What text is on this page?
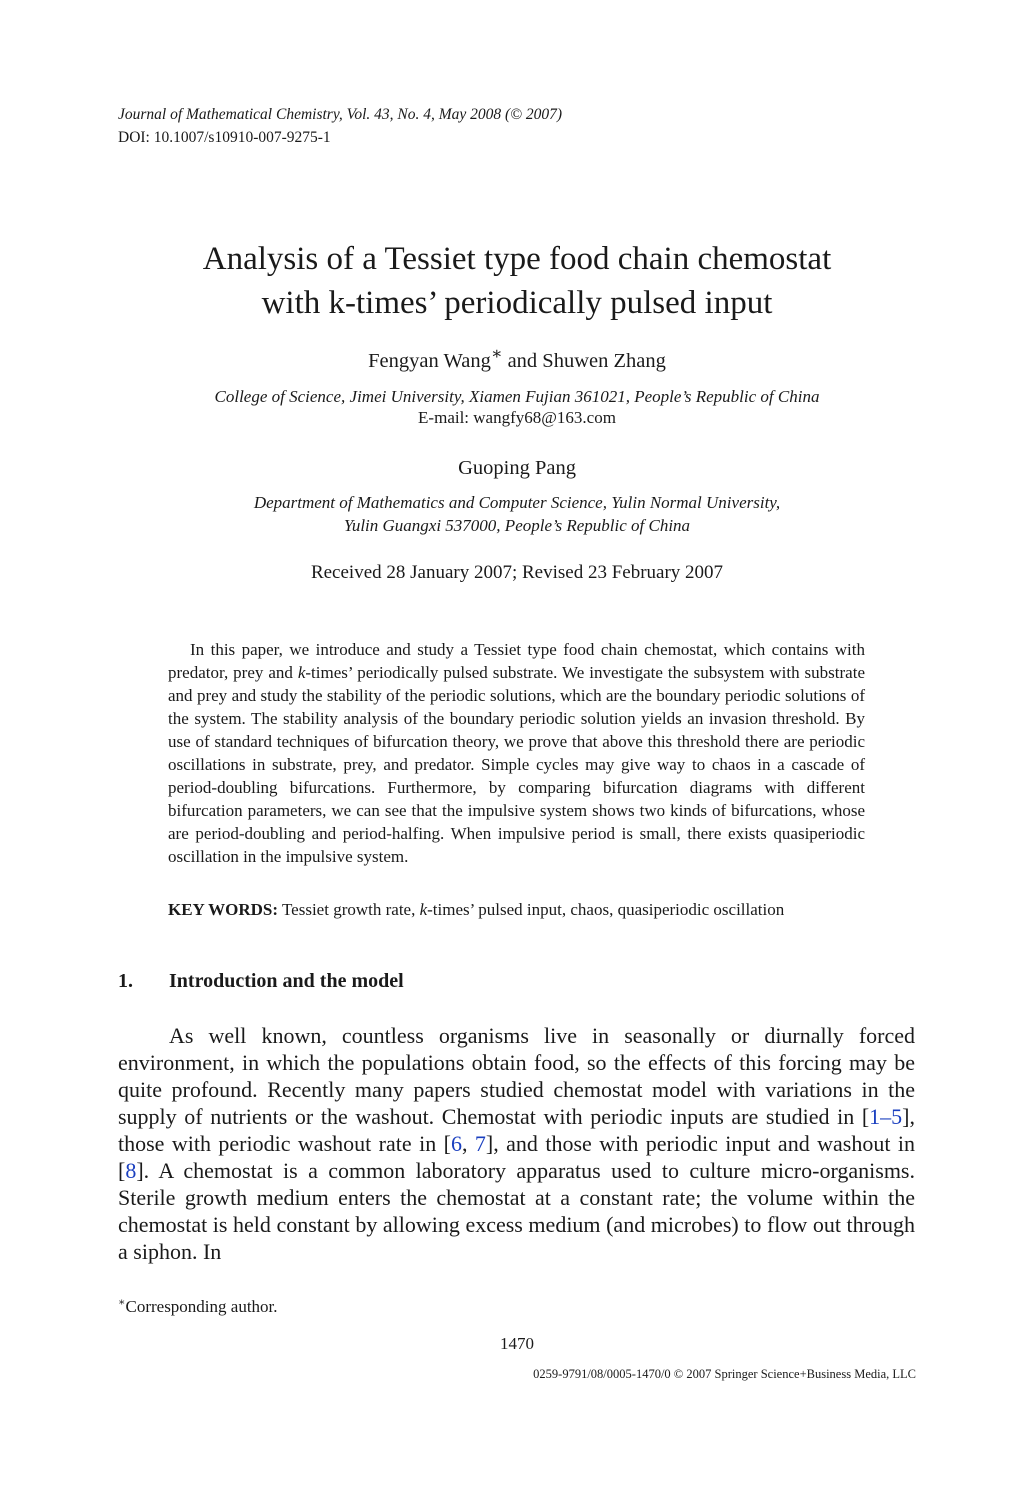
Journal of Mathematical Chemistry, Vol. 43, No. 4, May 2008 (© 2007)
DOI: 10.1007/s10910-007-9275-1
Analysis of a Tessiet type food chain chemostat
with k-times’ periodically pulsed input
Fengyan Wang∗ and Shuwen Zhang
College of Science, Jimei University, Xiamen Fujian 361021, People’s Republic of China
E-mail: wangfy68@163.com
Guoping Pang
Department of Mathematics and Computer Science, Yulin Normal University,
Yulin Guangxi 537000, People’s Republic of China
Received 28 January 2007; Revised 23 February 2007

In this paper, we introduce and study a Tessiet type food chain chemostat, which contains with predator, prey and k-times’ periodically pulsed substrate. We investigate the subsystem with substrate and prey and study the stability of the periodic solutions, which are the boundary periodic solutions of the system. The stability analysis of the boundary periodic solution yields an invasion threshold. By use of standard techniques of bifurcation theory, we prove that above this threshold there are periodic oscillations in substrate, prey, and predator. Simple cycles may give way to chaos in a cascade of period-doubling bifurcations. Furthermore, by comparing bifurcation diagrams with different bifurcation parameters, we can see that the impulsive system shows two kinds of bifurcations, whose are period-doubling and period-halfing. When impulsive period is small, there exists quasiperiodic oscillation in the impulsive system.

KEY WORDS: Tessiet growth rate, k-times’ pulsed input, chaos, quasiperiodic oscillation

1. Introduction and the model

As well known, countless organisms live in seasonally or diurnally forced environment, in which the populations obtain food, so the effects of this forcing may be quite profound. Recently many papers studied chemostat model with variations in the supply of nutrients or the washout. Chemostat with periodic inputs are studied in [1–5], those with periodic washout rate in [6, 7], and those with periodic input and washout in [8]. A chemostat is a common laboratory apparatus used to culture micro-organisms. Sterile growth medium enters the chemostat at a constant rate; the volume within the chemostat is held constant by allowing excess medium (and microbes) to flow out through a siphon. In

∗Corresponding author.
1470
0259-9791/08/0005-1470/0 © 2007 Springer Science+Business Media, LLC
